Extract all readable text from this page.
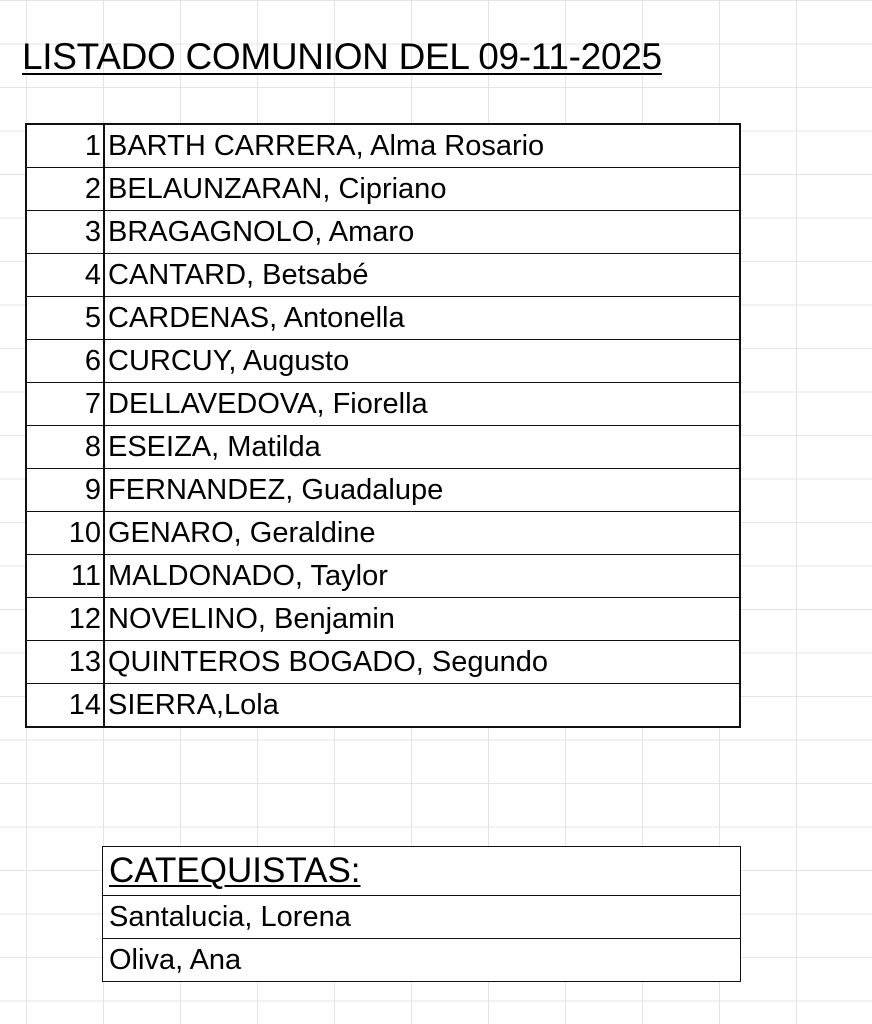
LISTADO COMUNION DEL 09-11-2025
1	BARTH CARRERA, Alma Rosario
2	BELAUNZARAN, Cipriano
3	BRAGAGNOLO, Amaro
4	CANTARD, Betsabé
5	CARDENAS, Antonella
6	CURCUY, Augusto
7	DELLAVEDOVA, Fiorella
8	ESEIZA, Matilda
9	FERNANDEZ, Guadalupe
10	GENARO, Geraldine
11	MALDONADO, Taylor
12	NOVELINO, Benjamin
13	QUINTEROS BOGADO, Segundo
14	SIERRA,Lola
CATEQUISTAS:
Santalucia, Lorena
Oliva, Ana
